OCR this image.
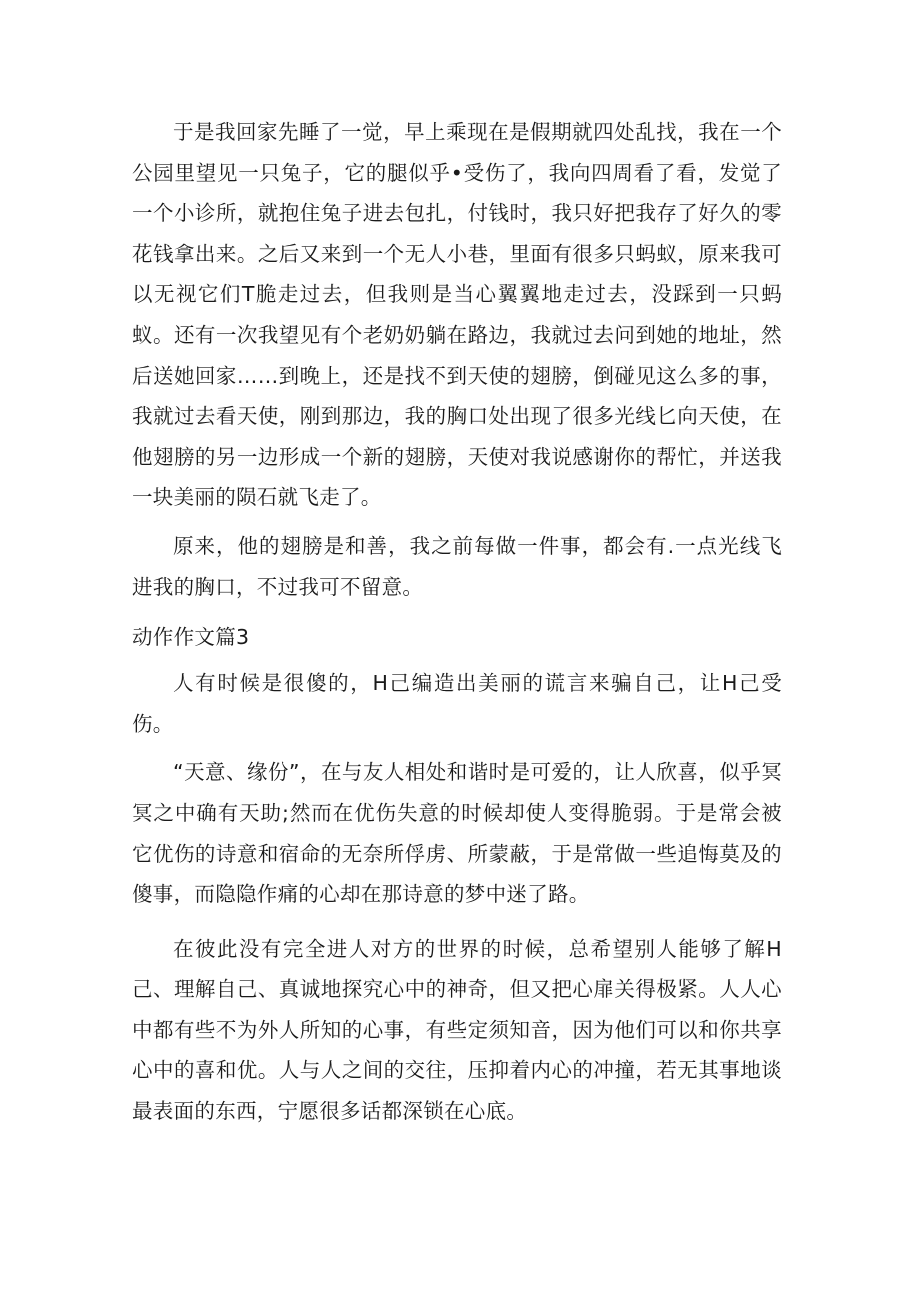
于是我回家先睡了一觉，早上乘现在是假期就四处乱找，我在一个公园里望见一只兔子，它的腿似乎•受伤了，我向四周看了看，发觉了一个小诊所，就抱住兔子进去包扎，付钱时，我只好把我存了好久的零花钱拿出来。之后又来到一个无人小巷，里面有很多只蚂蚁，原来我可以无视它们T脆走过去，但我则是当心翼翼地走过去，没踩到一只蚂蚁。还有一次我望见有个老奶奶躺在路边，我就过去问到她的地址，然后送她回家……到晚上，还是找不到天使的翅膀，倒碰见这么多的事，我就过去看天使，刚到那边，我的胸口处出现了很多光线匕向天使，在他翅膀的另一边形成一个新的翅膀，天使对我说感谢你的帮忙，并送我一块美丽的陨石就飞走了。

原来，他的翅膀是和善，我之前每做一件事，都会有.一点光线飞进我的胸口，不过我可不留意。

动作作文篇3

人有时候是很傻的，H己编造出美丽的谎言来骗自己，让H己受伤。

“天意、缘份”，在与友人相处和谐时是可爱的，让人欣喜，似乎冥冥之中确有天助;然而在优伤失意的时候却使人变得脆弱。于是常会被它优伤的诗意和宿命的无奈所俘虏、所蒙蔽，于是常做一些追悔莫及的傻事，而隐隐作痛的心却在那诗意的梦中迷了路。

在彼此没有完全进人对方的世界的时候，总希望别人能够了解H己、理解自己、真诚地探究心中的神奇，但又把心扉关得极紧。人人心中都有些不为外人所知的心事，有些定须知音，因为他们可以和你共享心中的喜和优。人与人之间的交往，压抑着内心的冲撞，若无其事地谈最表面的东西，宁愿很多话都深锁在心底。
